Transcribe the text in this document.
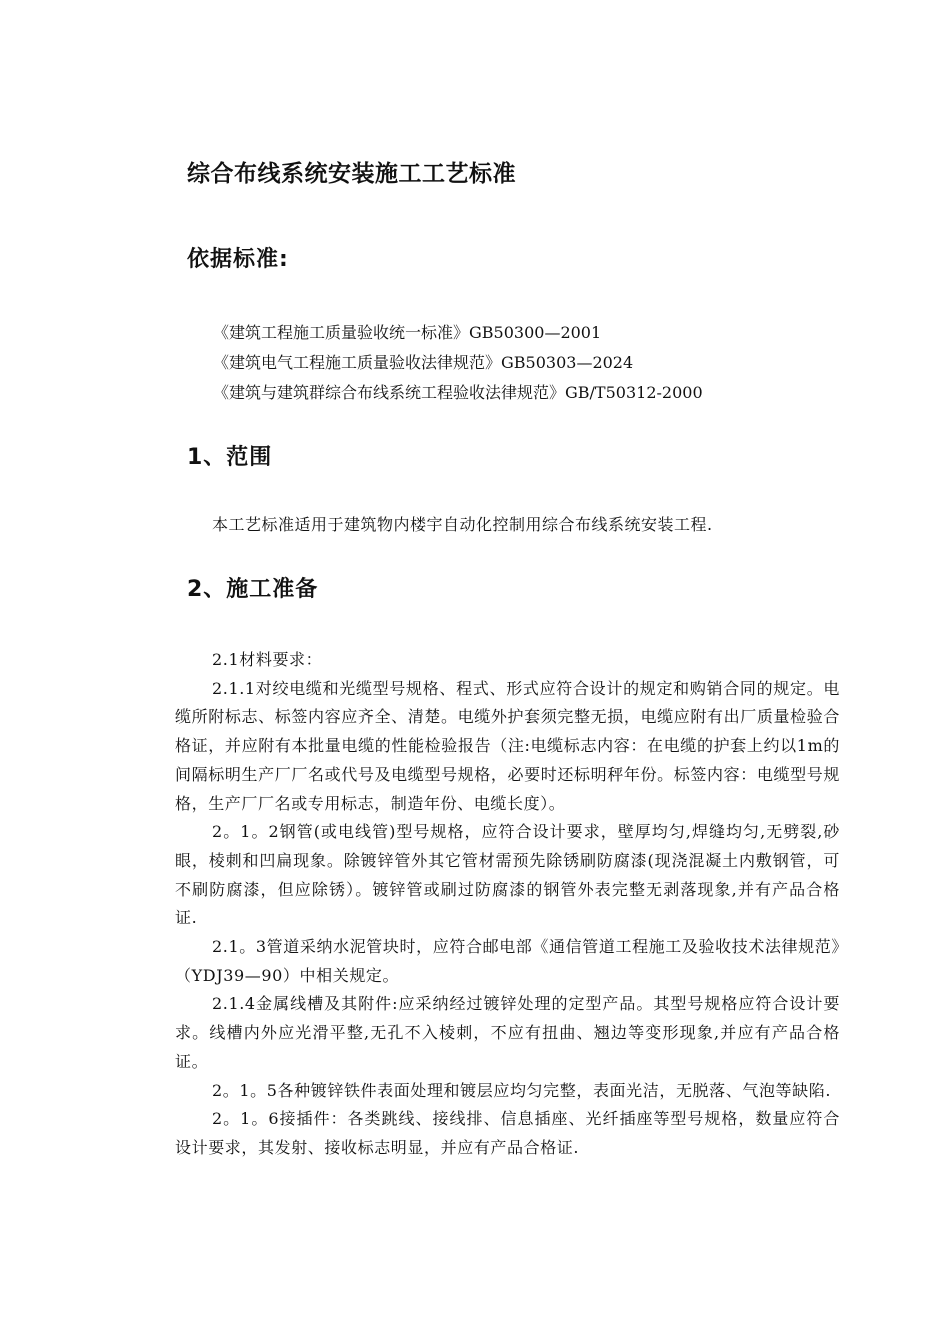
综合布线系统安装施工工艺标准
依据标准:
《建筑工程施工质量验收统一标准》GB50300—2001
《建筑电气工程施工质量验收法律规范》GB50303—2024
《建筑与建筑群综合布线系统工程验收法律规范》GB/T50312-2000
1、范围

本工艺标准适用于建筑物内楼宇自动化控制用综合布线系统安装工程.

2、施工准备

2.1材料要求：

2.1.1对绞电缆和光缆型号规格、程式、形式应符合设计的规定和购销合同的规定。电缆所附标志、标签内容应齐全、清楚。电缆外护套须完整无损，电缆应附有出厂质量检验合格证，并应附有本批量电缆的性能检验报告（注:电缆标志内容：在电缆的护套上约以1m的间隔标明生产厂厂名或代号及电缆型号规格，必要时还标明秤年份。标签内容：电缆型号规格，生产厂厂名或专用标志，制造年份、电缆长度）。

2。1。2钢管(或电线管)型号规格，应符合设计要求，壁厚均匀,焊缝均匀,无劈裂,砂眼，棱刺和凹扁现象。除镀锌管外其它管材需预先除锈刷防腐漆(现浇混凝土内敷钢管，可不刷防腐漆，但应除锈）。镀锌管或刷过防腐漆的钢管外表完整无剥落现象,并有产品合格证.

2.1。3管道采纳水泥管块时，应符合邮电部《通信管道工程施工及验收技术法律规范》（YDJ39—90）中相关规定。

2.1.4金属线槽及其附件:应采纳经过镀锌处理的定型产品。其型号规格应符合设计要求。线槽内外应光滑平整,无孔不入棱刺，不应有扭曲、翘边等变形现象,并应有产品合格证。

2。1。5各种镀锌铁件表面处理和镀层应均匀完整，表面光洁，无脱落、气泡等缺陷.

2。1。6接插件：各类跳线、接线排、信息插座、光纤插座等型号规格，数量应符合设计要求，其发射、接收标志明显，并应有产品合格证.
